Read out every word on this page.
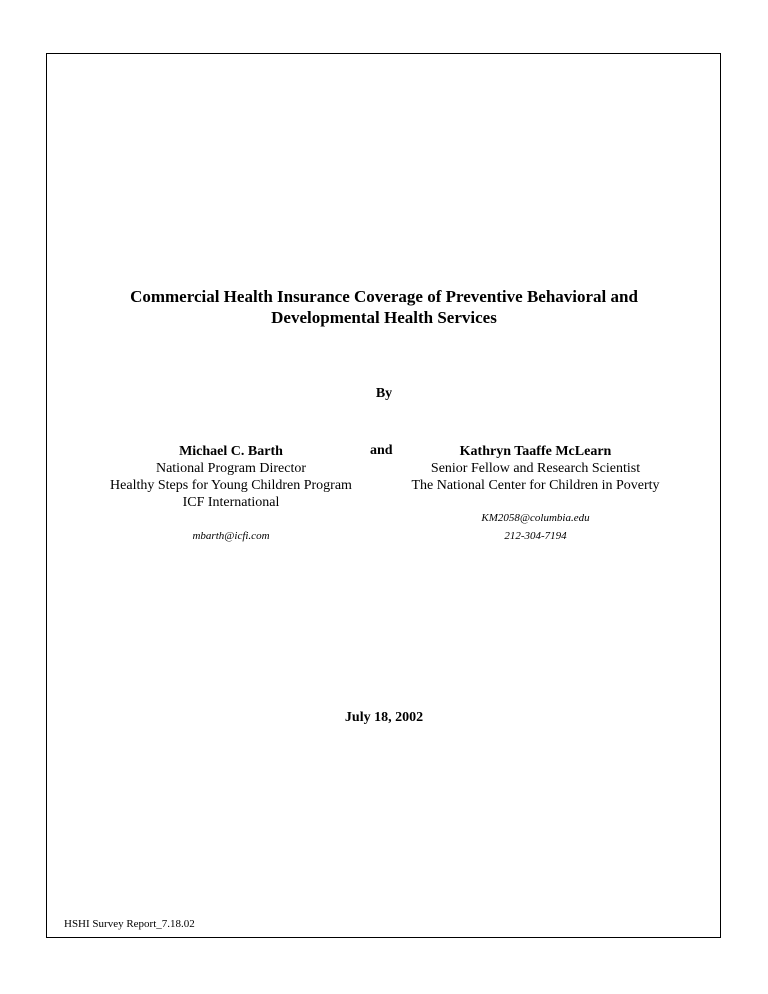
Commercial Health Insurance Coverage of Preventive Behavioral and
Developmental Health Services
By
Michael C. Barth
National Program Director
Healthy Steps for Young Children Program
ICF International
and	Kathryn Taaffe McLearn
Senior Fellow and Research Scientist
The National Center for Children in Poverty
KM2058@columbia.edu
212-304-7194
mbarth@icfi.com
July 18, 2002
HSHI Survey Report_7.18.02
